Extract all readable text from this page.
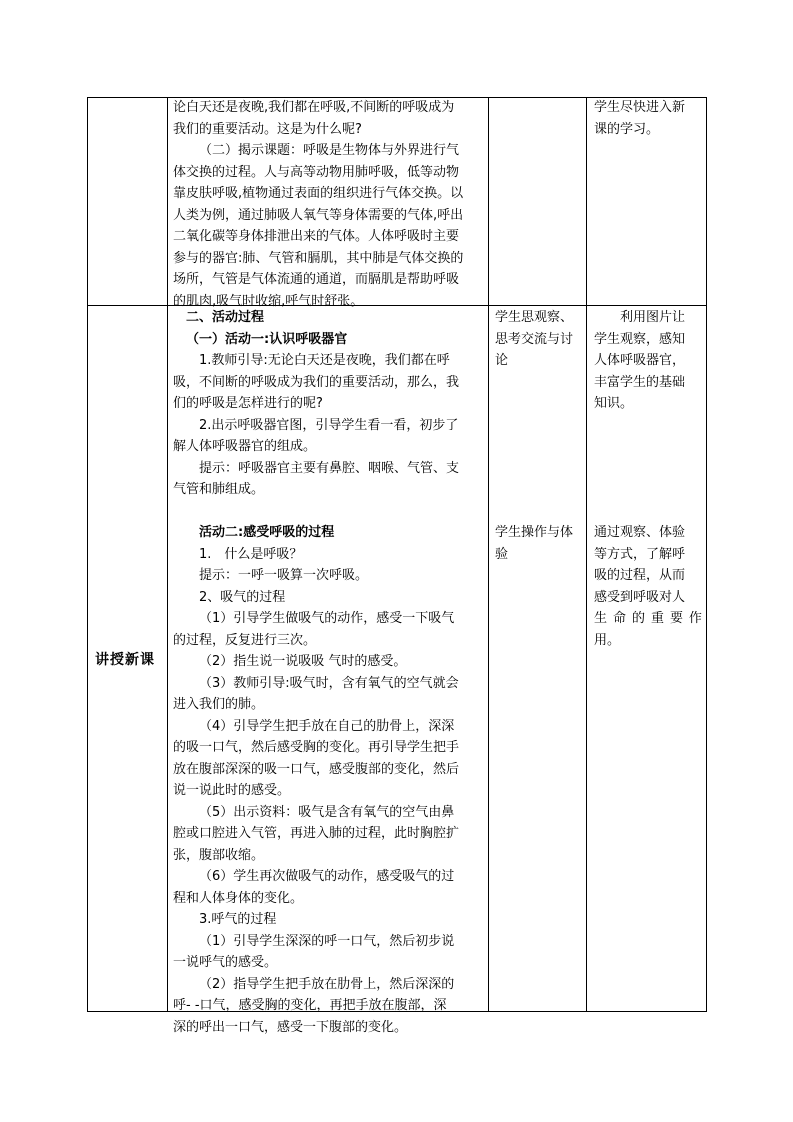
论白天还是夜晚,我们都在呼吸,不间断的呼吸成为

我们的重要活动。这是为什么呢?

（二）揭示课题：呼吸是生物体与外界进行气

体交换的过程。人与高等动物用肺呼吸，低等动物

靠皮肤呼吸,植物通过表面的组织进行气体交换。以

人类为例，通过肺吸人氧气等身体需要的气体,呼出

二氧化碳等身体排泄出来的气体。人体呼吸时主要

参与的器官:肺、气管和膈肌，其中肺是气体交换的

场所，气管是气体流通的通道，而膈肌是帮助呼吸

的肌肉,吸气时收缩,呼气时舒张。

学生尽快进入新

课的学习。

讲授新课

二、活动过程

（一）活动一:认识呼吸器官

1.教师引导:无论白天还是夜晚，我们都在呼

吸，不间断的呼吸成为我们的重要活动，那么，我

们的呼吸是怎样进行的呢?

2.出示呼吸器官图，引导学生看一看，初步了

解人体呼吸器官的组成。

提示：呼吸器官主要有鼻腔、咽喉、气管、支

气管和肺组成。

活动二:感受呼吸的过程

1.　什么是呼吸？

提示：一呼一吸算一次呼吸。

2、吸气的过程

（1）引导学生做吸气的动作，感受一下吸气

的过程，反复进行三次。

（2）指生说一说吸吸 气时的感受。

（3）教师引导:吸气时，含有氧气的空气就会

进入我们的肺。

（4）引导学生把手放在自己的肋骨上，深深

的吸一口气，然后感受胸的变化。再引导学生把手

放在腹部深深的吸一口气，感受腹部的变化，然后

说一说此时的感受。

（5）出示资料：吸气是含有氧气的空气由鼻

腔或口腔进入气管，再进入肺的过程，此时胸腔扩

张，腹部收缩。

（6）学生再次做吸气的动作，感受吸气的过

程和人体身体的变化。

3.呼气的过程

（1）引导学生深深的呼一口气，然后初步说

一说呼气的感受。

（2）指导学生把手放在肋骨上，然后深深的

呼- -口气，感受胸的变化，再把手放在腹部，深

深的呼出一口气，感受一下腹部的变化。

学生思观察、

思考交流与讨

论

学生操作与体

验

利用图片让

学生观察，感知

人体呼吸器官，

丰富学生的基础

知识。

通过观察、体验

等方式，了解呼

吸的过程，从而

感受到呼吸对人

生 命 的 重 要 作

用。
